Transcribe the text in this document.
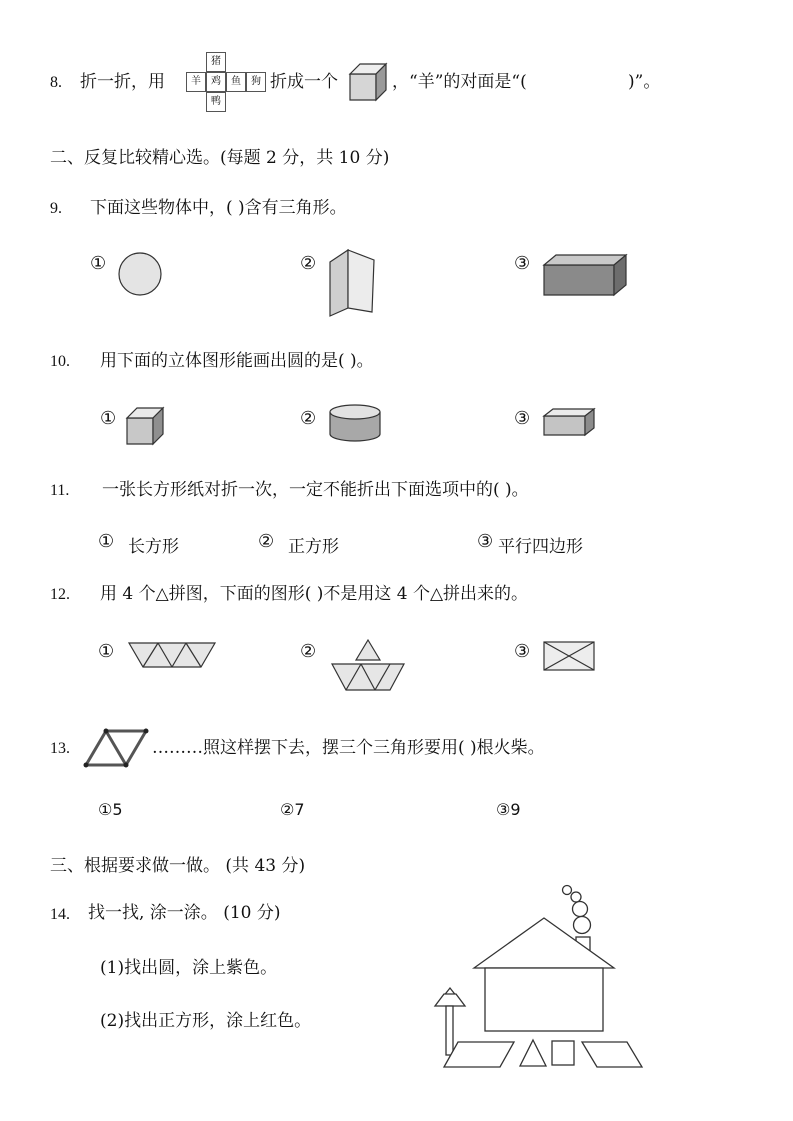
8. 折一折，用
猪
羊	鸡	鱼	狗
鸭
折成一个	，“羊”的对面是“(	)”。
二、反复比较精心选。(每题 2 分，共 10 分)
9. 下面这些物体中，( )含有三角形。
①	②	③
10. 用下面的立体图形能画出圆的是( )。
①	②	③
11. 一张长方形纸对折一次，一定不能折出下面选项中的( )。
① 长方形	② 正方形	③ 平行四边形
12. 用 4 个△拼图，下面的图形( )不是用这 4 个△拼出来的。
①	②	③
13.	………照这样摆下去，摆三个三角形要用( )根火柴。
①5	②7	③9
三、根据要求做一做。 (共 43 分)
14. 找一找, 涂一涂。 (10 分)
(1)找出圆，涂上紫色。
(2)找出正方形，涂上红色。
